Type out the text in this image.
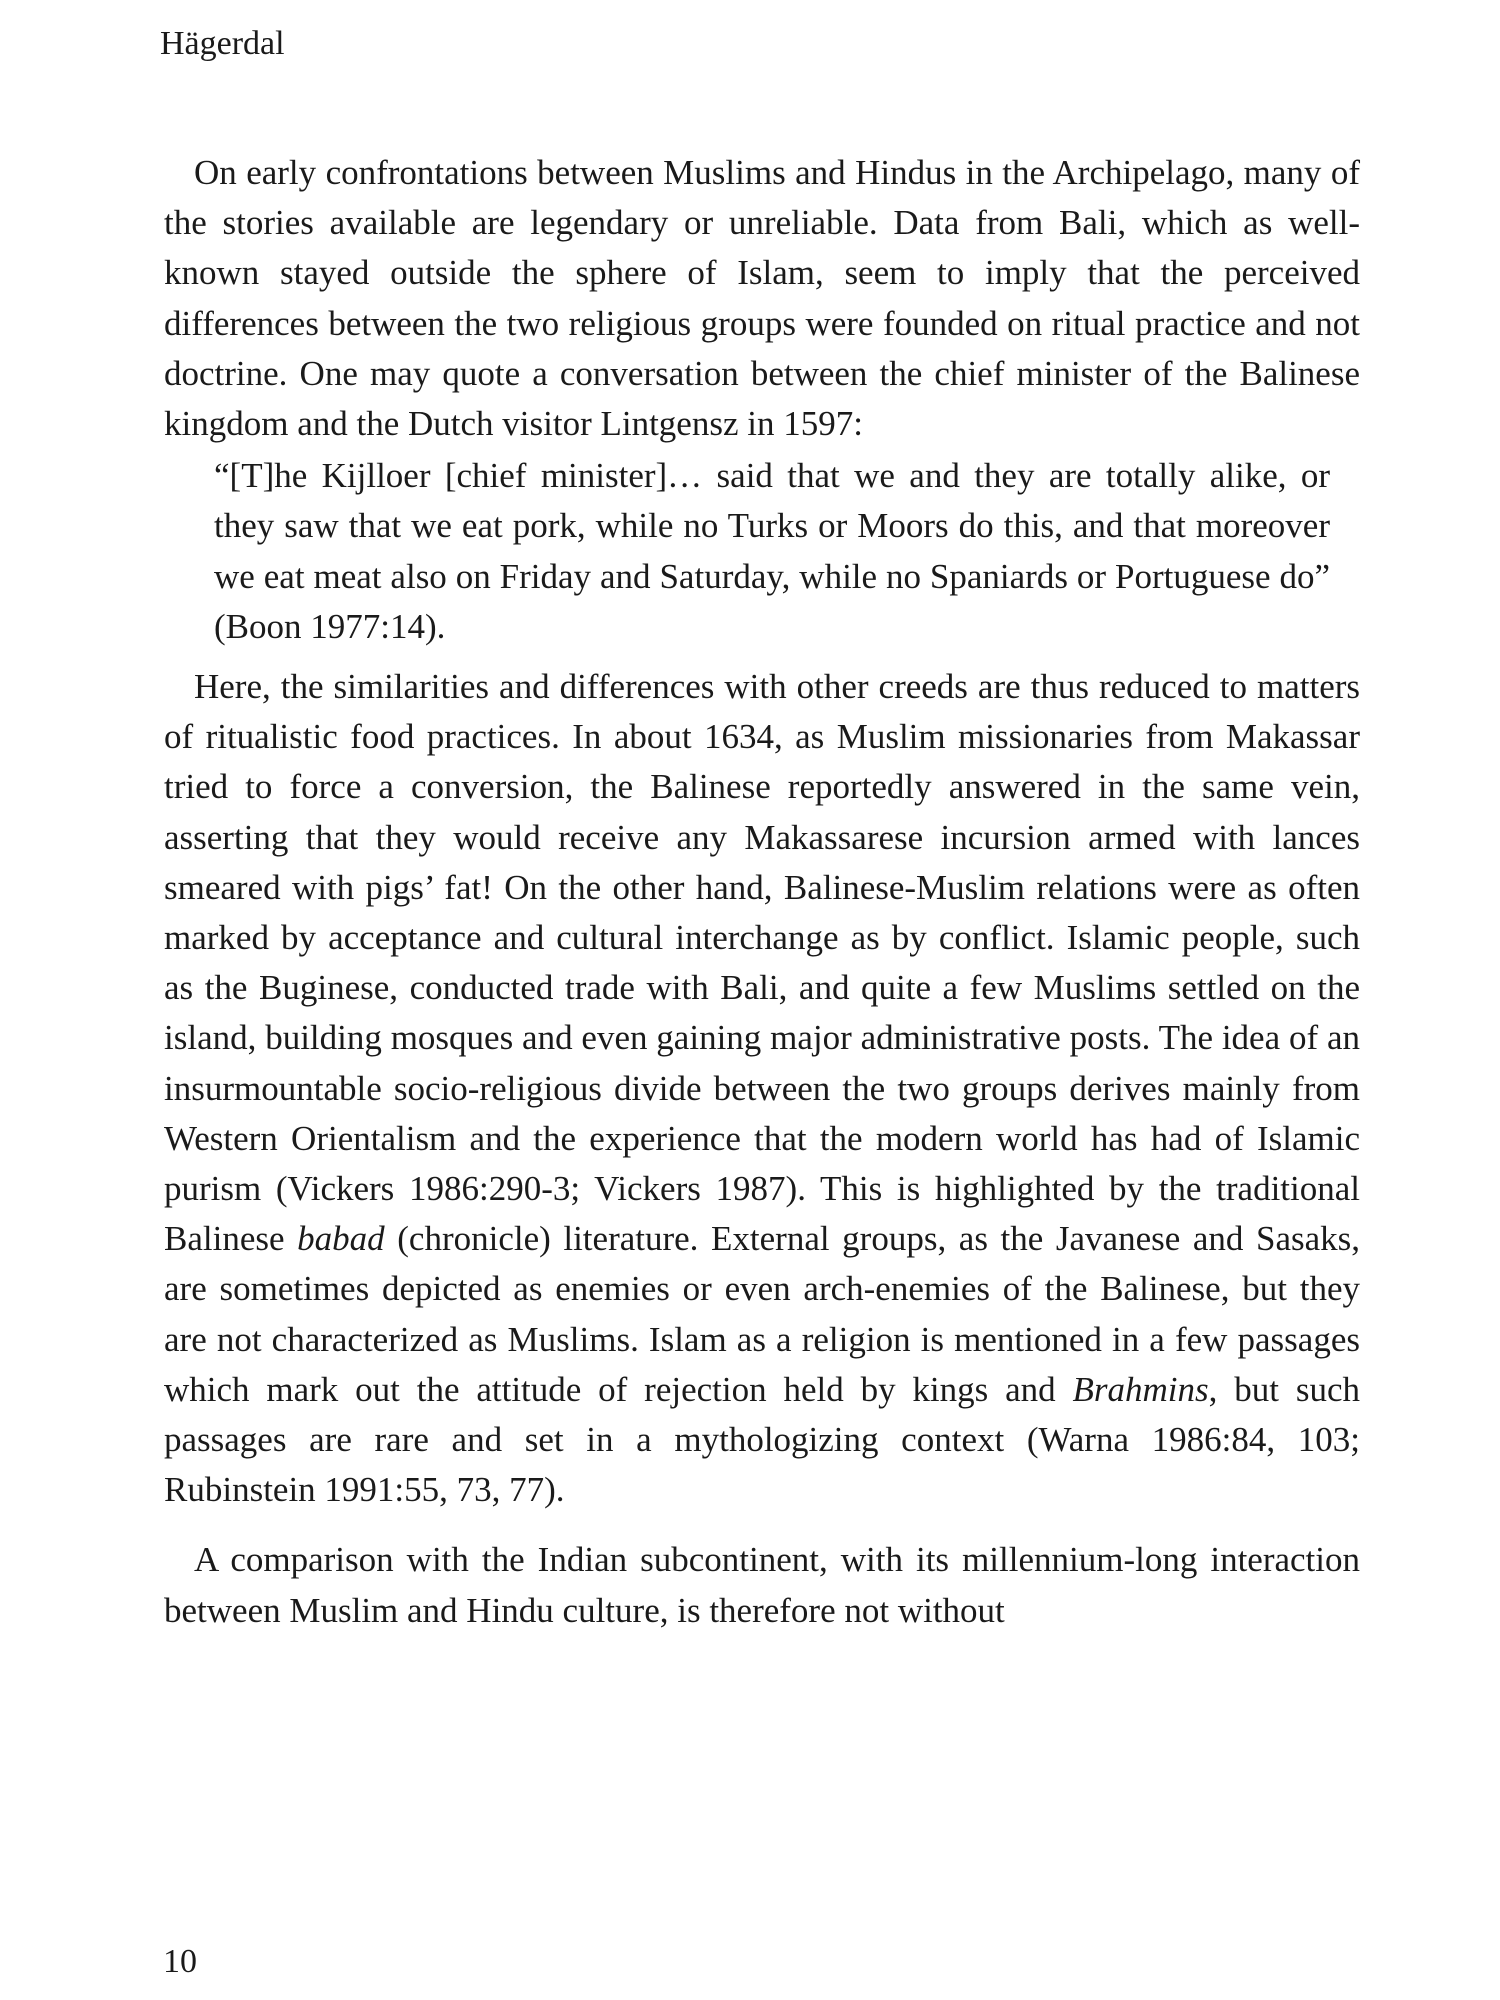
Hägerdal

On early confrontations between Muslims and Hindus in the Archipelago, many of the stories available are legendary or unreliable. Data from Bali, which as well-known stayed outside the sphere of Islam, seem to imply that the perceived differences between the two religious groups were founded on ritual practice and not doctrine. One may quote a conversation between the chief minister of the Balinese kingdom and the Dutch visitor Lintgensz in 1597:

“[T]he Kijlloer [chief minister]… said that we and they are totally alike, or they saw that we eat pork, while no Turks or Moors do this, and that moreover we eat meat also on Friday and Saturday, while no Spaniards or Portuguese do” (Boon 1977:14).

Here, the similarities and differences with other creeds are thus reduced to matters of ritualistic food practices. In about 1634, as Muslim missionaries from Makassar tried to force a conversion, the Balinese reportedly answered in the same vein, asserting that they would receive any Makassarese incursion armed with lances smeared with pigs’ fat! On the other hand, Balinese-Muslim relations were as often marked by acceptance and cultural interchange as by conflict. Islamic people, such as the Buginese, conducted trade with Bali, and quite a few Muslims settled on the island, building mosques and even gaining major administrative posts. The idea of an insurmountable socio-religious divide between the two groups derives mainly from Western Orientalism and the experience that the modern world has had of Islamic purism (Vickers 1986:290-3; Vickers 1987). This is highlighted by the traditional Balinese babad (chronicle) literature. External groups, as the Javanese and Sasaks, are sometimes depicted as enemies or even arch-enemies of the Balinese, but they are not characterized as Muslims. Islam as a religion is mentioned in a few passages which mark out the attitude of rejection held by kings and Brahmins, but such passages are rare and set in a mythologizing context (Warna 1986:84, 103; Rubinstein 1991:55, 73, 77).

A comparison with the Indian subcontinent, with its millennium-long interaction between Muslim and Hindu culture, is therefore not without

10
